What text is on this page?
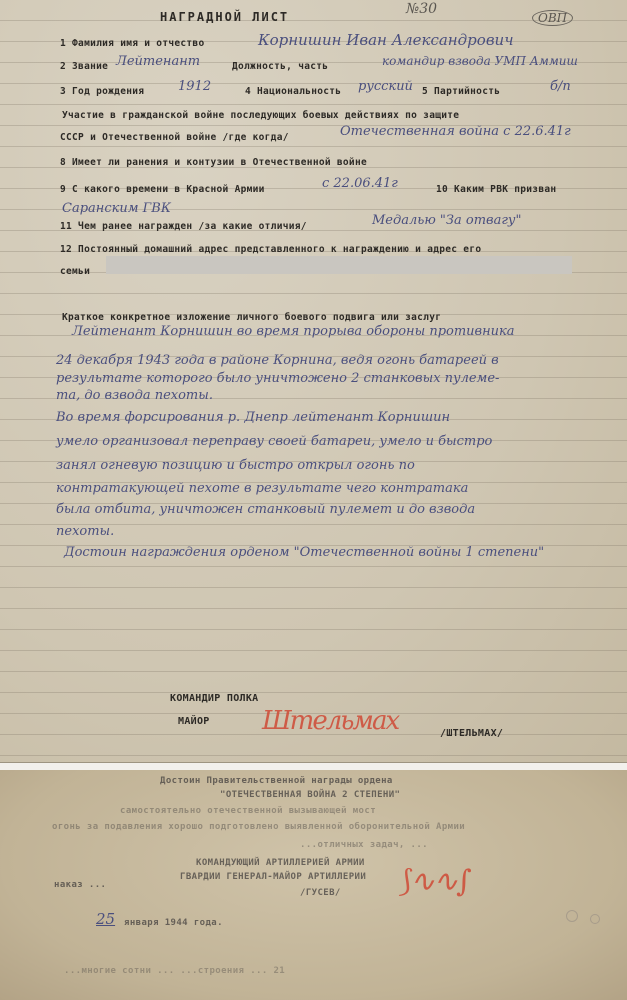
НАГРАДНОЙ ЛИСТ	№30
ОВП
1 Фамилия имя и отчество	Корнишин Иван Александрович
2 Звание Лейтенант	Должность, часть	командир взвода УМП Аммиш
3 Год рождения	1912	4 Национальность русский 5 Партийность	б/п
Участие в гражданской войне последующих боевых действиях по защите
СССР и Отечественной войне /где когда/	Отечественная война с 22.6.41г
8 Имеет ли ранения и контузии в Отечественной войне
9 С какого времени в Красной Армии	с 22.06.41г	10 Каким РВК призван
Саранским ГВК
11 Чем ранее награжден /за какие отличия/	Медалью "За отвагу"
12 Постоянный домашний адрес представленного к награждению и адрес его
семьи
Краткое конкретное изложение личного боевого подвига или заслуг
Лейтенант Корнишин во время прорыва обороны противника
24 декабря 1943 года в районе Корнина, ведя огонь батареей в
результате которого было уничтожено 2 станковых пулеме-
та, до взвода пехоты.
Во время форсирования р. Днепр лейтенант Корнишин
умело организовал переправу своей батареи, умело и быстро
занял огневую позицию и быстро открыл огонь по
контратакующей пехоте в результате чего контратака
была отбита, уничтожен станковый пулемет и до взвода
пехоты.
Достоин награждения орденом "Отечественной войны 1 степени"
КОМАНДИР ПОЛКА
МАЙОР
/ШТЕЛЬМАХ/
Штельмах
Достоин Правительственной награды ордена
"ОТЕЧЕСТВЕННАЯ ВОЙНА 2 СТЕПЕНИ"
самостоятельно отечественной вызывающей мост
огонь за подавления хорошо подготовлено выявленной оборонительной Армии
...отличных задач, ...
КОМАНДУЮЩИЙ АРТИЛЛЕРИЕЙ АРМИИ
ГВАРДИИ ГЕНЕРАЛ-МАЙОР АРТИЛЛЕРИИ
/ГУСЕВ/
наказ ...
25 января 1944 года.
...многие сотни ... ...строения ... 21
⟆∿∿∫
